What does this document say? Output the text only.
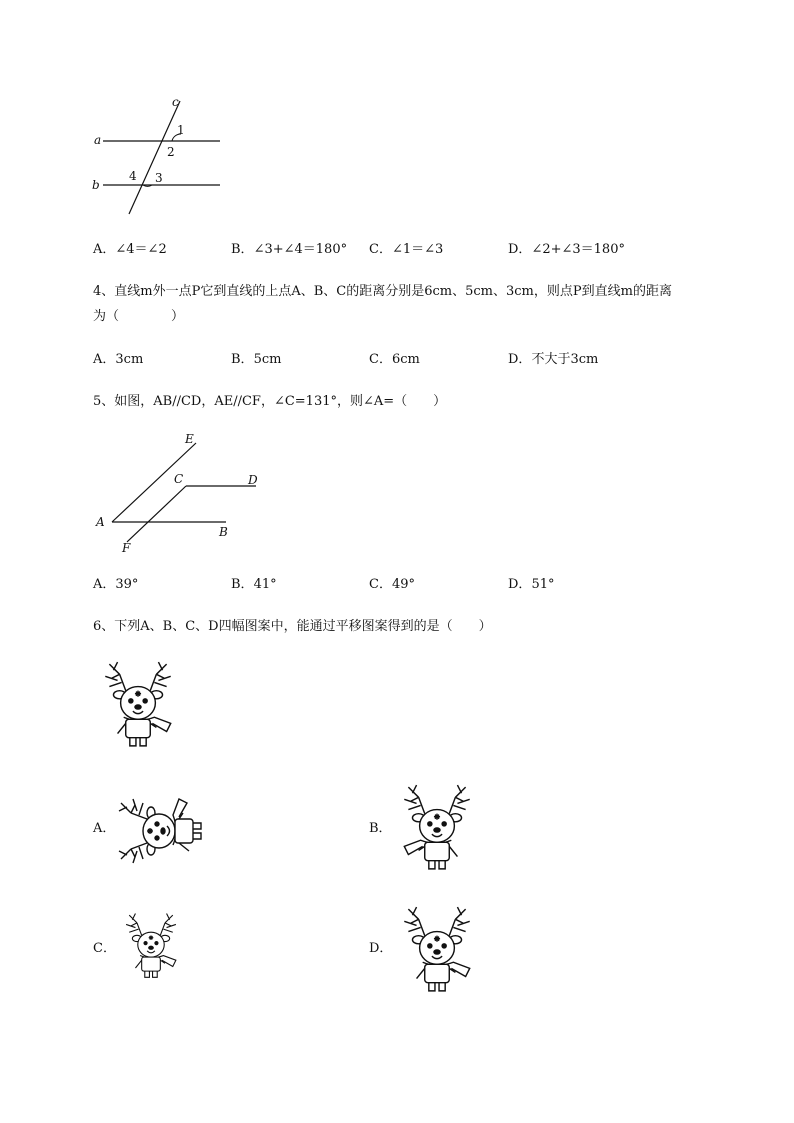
c
a
b
1
2
3
4
A．∠4＝∠2	B．∠3+∠4＝180° C．∠1＝∠3	D．∠2+∠3＝180°
4、直线m外一点P它到直线的上点A、B、C的距离分别是6cm、5cm、3cm，则点P到直线m的距离
为（　　　　）
A．3cm	B．5cm	C．6cm	D．不大于3cm
5、如图，AB//CD，AE//CF，∠C=131°，则∠A=（　　）
E
C	D
A
B
F
A．39°	B．41°	C．49°	D．51°
6、下列A、B、C、D四幅图案中，能通过平移图案得到的是（　　）
A．	B．
C．	D．
